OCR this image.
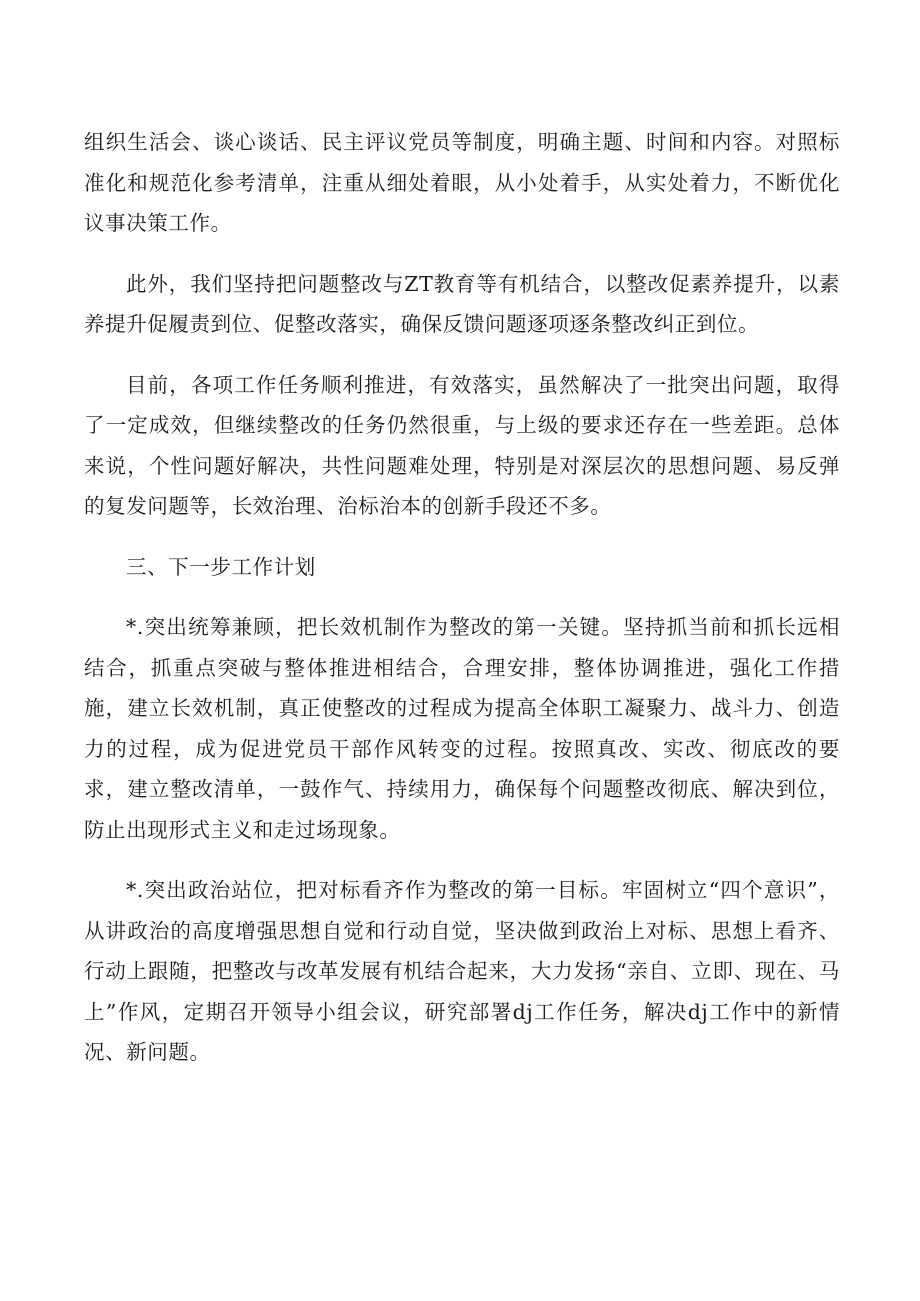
组织生活会、谈心谈话、民主评议党员等制度，明确主题、时间和内容。对照标准化和规范化参考清单，注重从细处着眼，从小处着手，从实处着力，不断优化议事决策工作。

此外，我们坚持把问题整改与ZT教育等有机结合，以整改促素养提升，以素养提升促履责到位、促整改落实，确保反馈问题逐项逐条整改纠正到位。

目前，各项工作任务顺利推进，有效落实，虽然解决了一批突出问题，取得了一定成效，但继续整改的任务仍然很重，与上级的要求还存在一些差距。总体来说，个性问题好解决，共性问题难处理，特别是对深层次的思想问题、易反弹的复发问题等，长效治理、治标治本的创新手段还不多。

三、下一步工作计划

*.突出统筹兼顾，把长效机制作为整改的第一关键。坚持抓当前和抓长远相结合，抓重点突破与整体推进相结合，合理安排，整体协调推进，强化工作措施，建立长效机制，真正使整改的过程成为提高全体职工凝聚力、战斗力、创造力的过程，成为促进党员干部作风转变的过程。按照真改、实改、彻底改的要求，建立整改清单，一鼓作气、持续用力，确保每个问题整改彻底、解决到位，防止出现形式主义和走过场现象。

*.突出政治站位，把对标看齐作为整改的第一目标。牢固树立“四个意识”，从讲政治的高度增强思想自觉和行动自觉，坚决做到政治上对标、思想上看齐、行动上跟随，把整改与改革发展有机结合起来，大力发扬“亲自、立即、现在、马上”作风，定期召开领导小组会议，研究部署dj工作任务，解决dj工作中的新情况、新问题。
